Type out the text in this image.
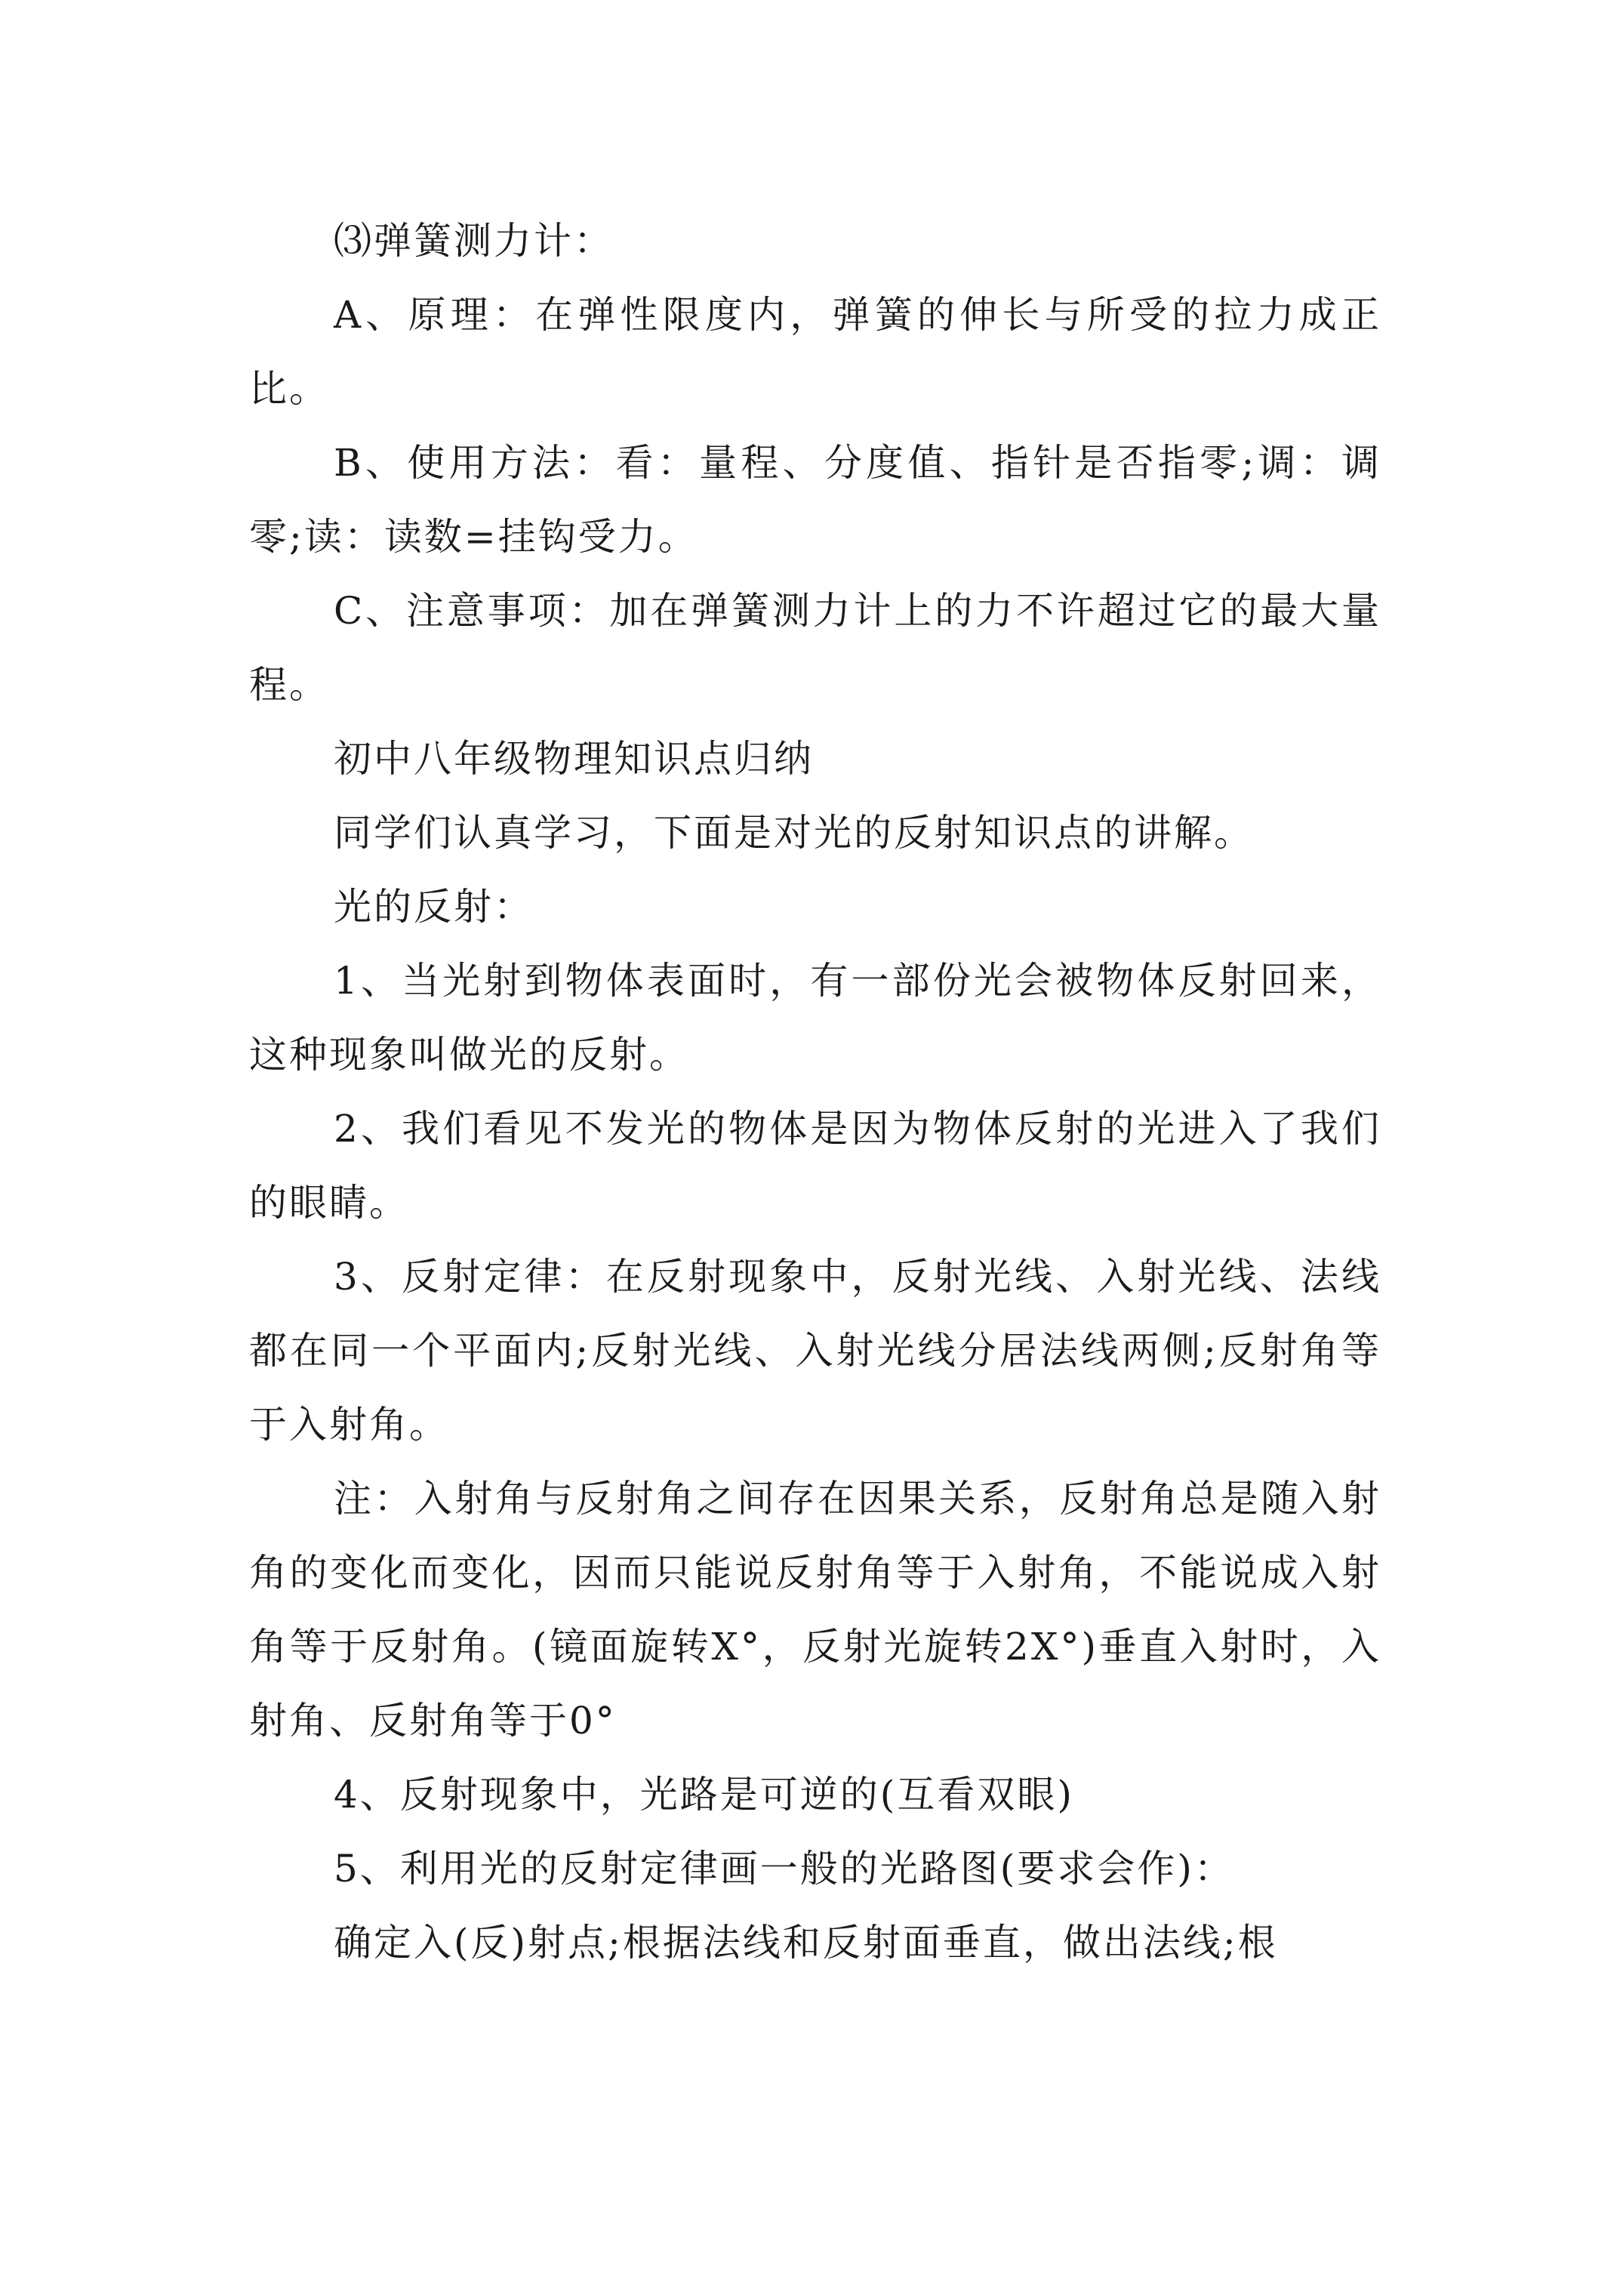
⑶弹簧测力计：

A、原理：在弹性限度内，弹簧的伸长与所受的拉力成正比。

B、使用方法：看：量程、分度值、指针是否指零;调：调零;读：读数=挂钩受力。

C、注意事项：加在弹簧测力计上的力不许超过它的最大量程。

初中八年级物理知识点归纳

同学们认真学习，下面是对光的反射知识点的讲解。

光的反射：

1、当光射到物体表面时，有一部份光会被物体反射回来，这种现象叫做光的反射。

2、我们看见不发光的物体是因为物体反射的光进入了我们的眼睛。

3、反射定律：在反射现象中，反射光线、入射光线、法线都在同一个平面内;反射光线、入射光线分居法线两侧;反射角等于入射角。

注：入射角与反射角之间存在因果关系，反射角总是随入射角的变化而变化，因而只能说反射角等于入射角，不能说成入射角等于反射角。(镜面旋转X°，反射光旋转2X°)垂直入射时，入射角、反射角等于0°

4、反射现象中，光路是可逆的(互看双眼)

5、利用光的反射定律画一般的光路图(要求会作)：

确定入(反)射点;根据法线和反射面垂直，做出法线;根
